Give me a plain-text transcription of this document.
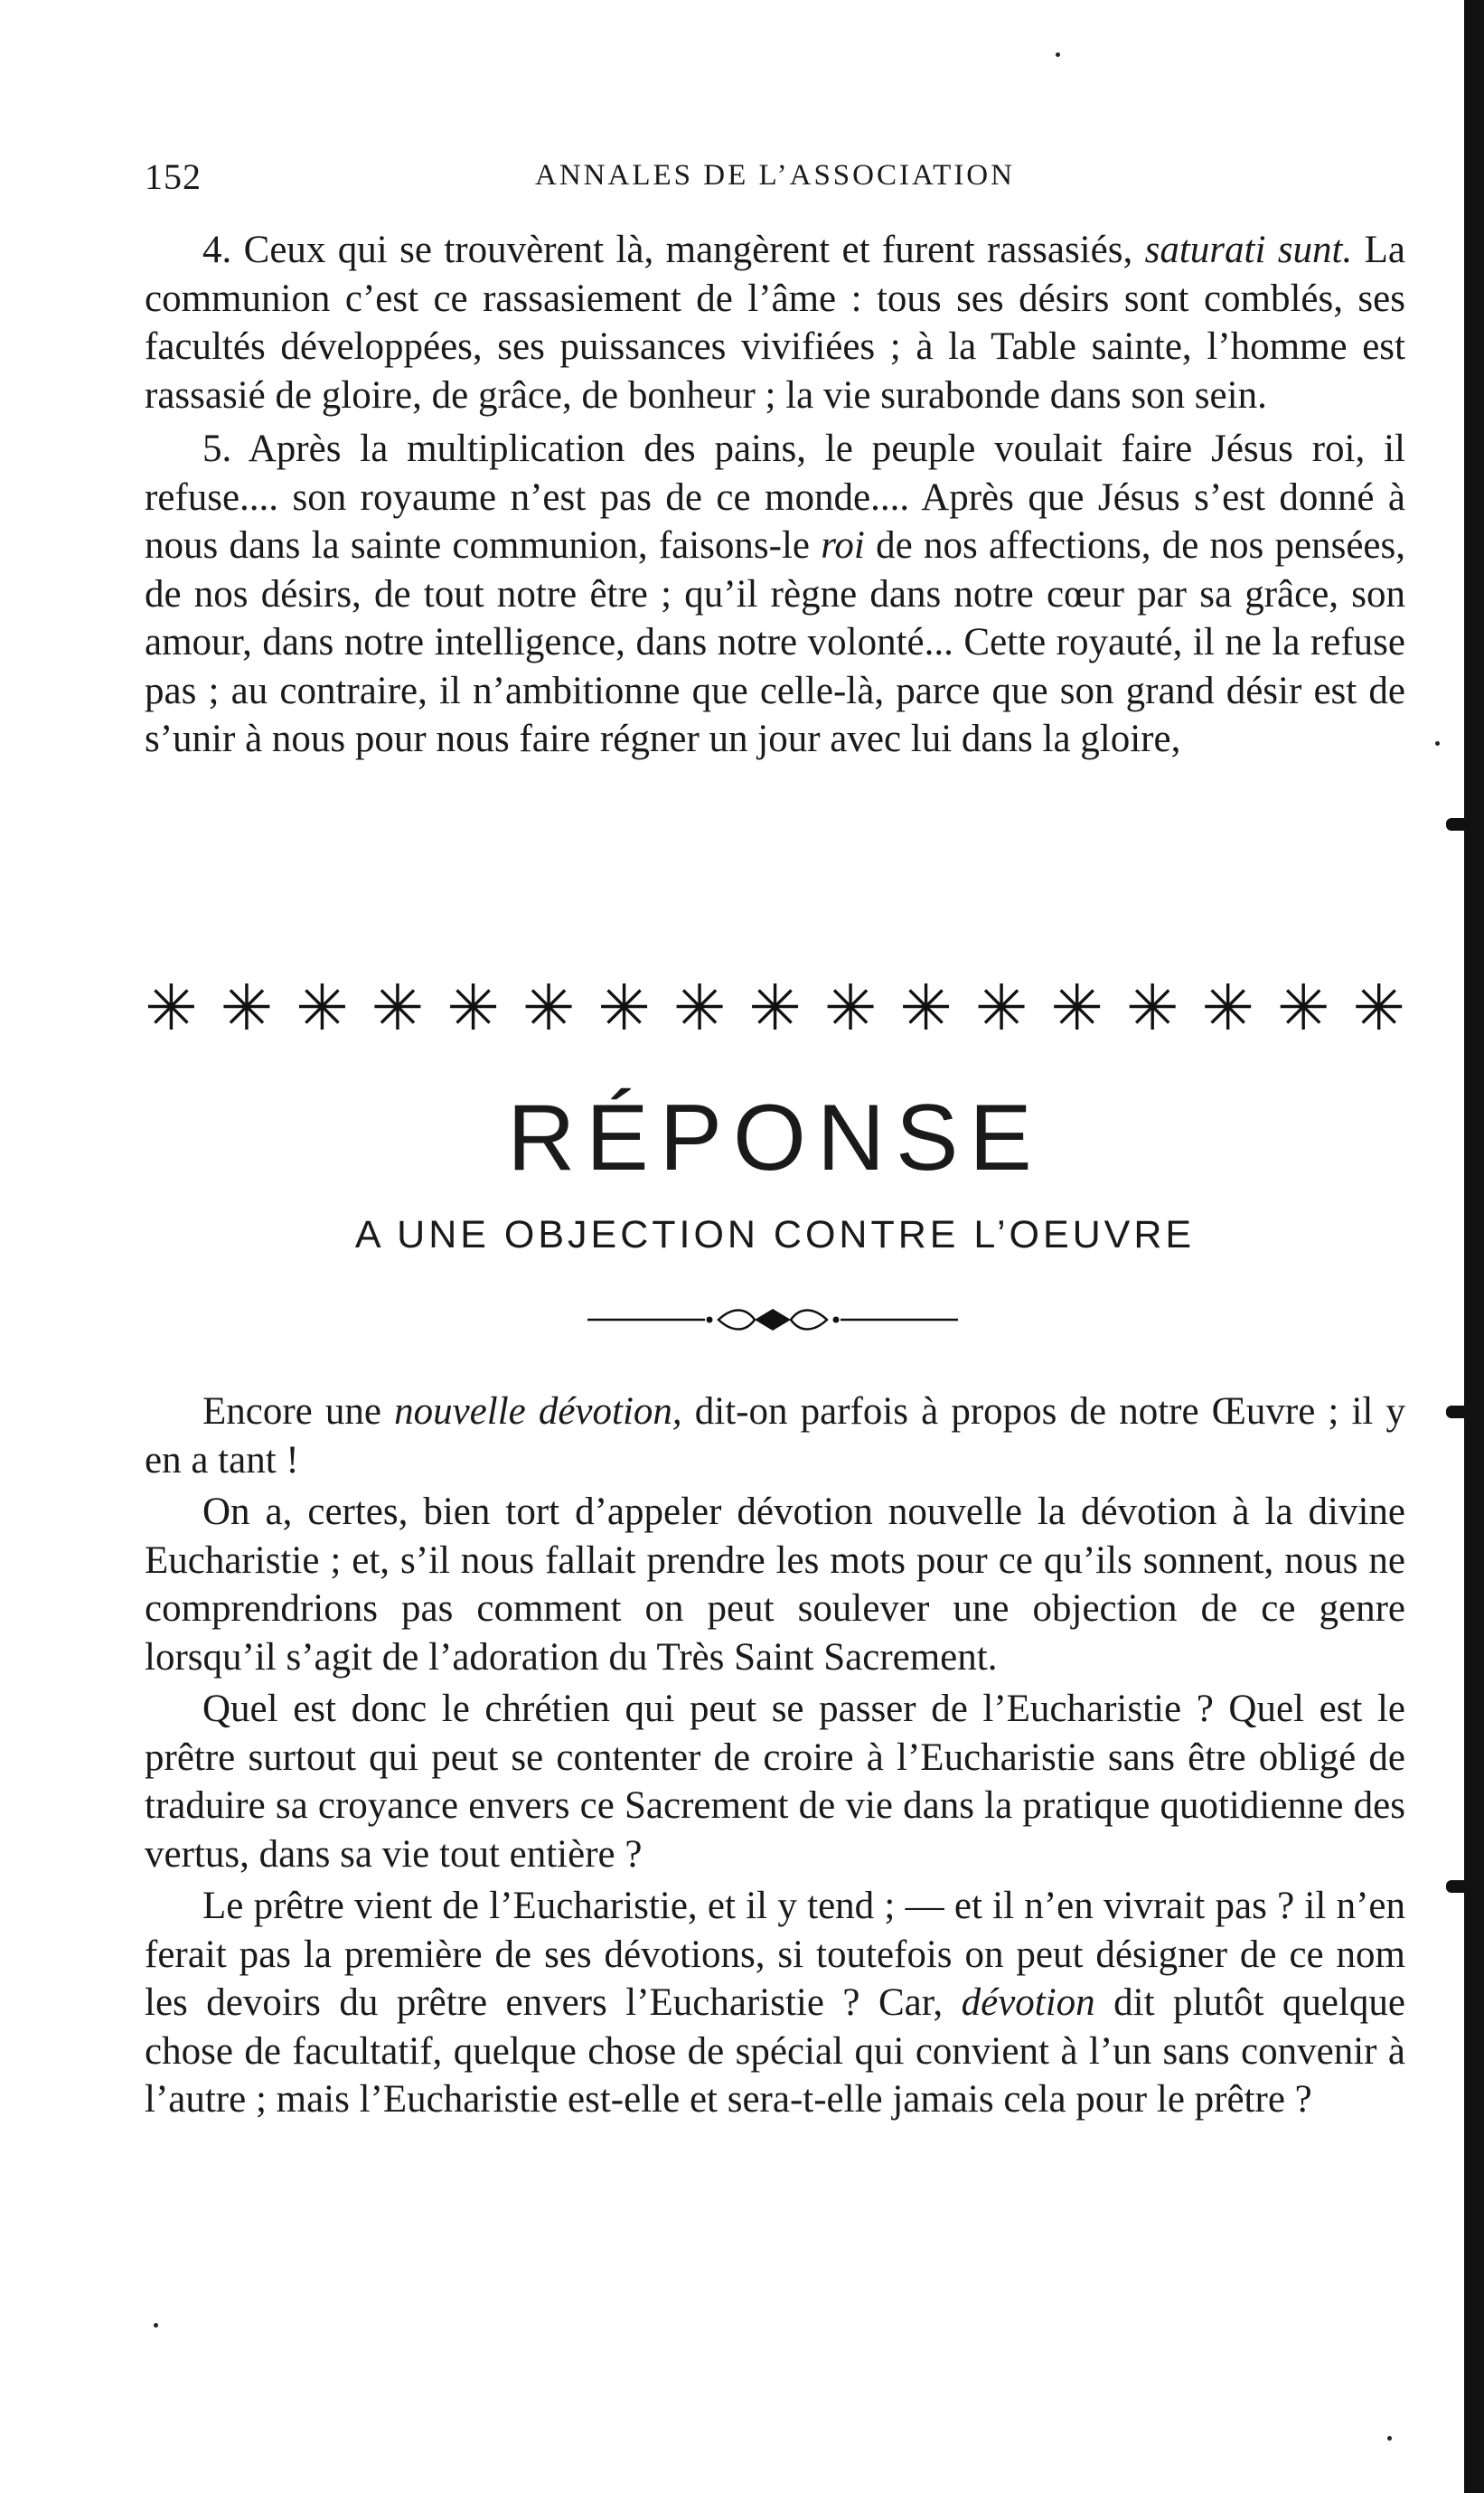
152	ANNALES DE L’ASSOCIATION

4. Ceux qui se trouvèrent là, mangèrent et furent rassasiés, saturati sunt. La communion c’est ce rassasiement de l’âme : tous ses désirs sont comblés, ses facultés développées, ses puissances vivifiées ; à la Table sainte, l’homme est rassasié de gloire, de grâce, de bonheur ; la vie surabonde dans son sein.

5. Après la multiplication des pains, le peuple voulait faire Jésus roi, il refuse.... son royaume n’est pas de ce monde.... Après que Jésus s’est donné à nous dans la sainte communion, faisons-le roi de nos affections, de nos pensées, de nos désirs, de tout notre être ; qu’il règne dans notre cœur par sa grâce, son amour, dans notre intelligence, dans notre volonté... Cette royauté, il ne la refuse pas ; au contraire, il n’ambitionne que celle-là, parce que son grand désir est de s’unir à nous pour nous faire régner un jour avec lui dans la gloire,

✳ ✳ ✳ ✳ ✳ ✳ ✳ ✳ ✳ ✳ ✳ ✳ ✳ ✳ ✳ ✳ ✳
RÉPONSE
A UNE OBJECTION CONTRE L’OEUVRE

Encore une nouvelle dévotion, dit-on parfois à propos de notre Œuvre ; il y en a tant !

On a, certes, bien tort d’appeler dévotion nouvelle la dévotion à la divine Eucharistie ; et, s’il nous fallait prendre les mots pour ce qu’ils sonnent, nous ne comprendrions pas comment on peut soulever une objection de ce genre lorsqu’il s’agit de l’adoration du Très Saint Sacrement.

Quel est donc le chrétien qui peut se passer de l’Eucharistie ? Quel est le prêtre surtout qui peut se contenter de croire à l’Eucharistie sans être obligé de traduire sa croyance envers ce Sacrement de vie dans la pratique quotidienne des vertus, dans sa vie tout entière ?

Le prêtre vient de l’Eucharistie, et il y tend ; — et il n’en vivrait pas ? il n’en ferait pas la première de ses dévotions, si toutefois on peut désigner de ce nom les devoirs du prêtre envers l’Eucharistie ? Car, dévotion dit plutôt quelque chose de facultatif, quelque chose de spécial qui convient à l’un sans convenir à l’autre ; mais l’Eucharistie est-elle et sera-t-elle jamais cela pour le prêtre ?
